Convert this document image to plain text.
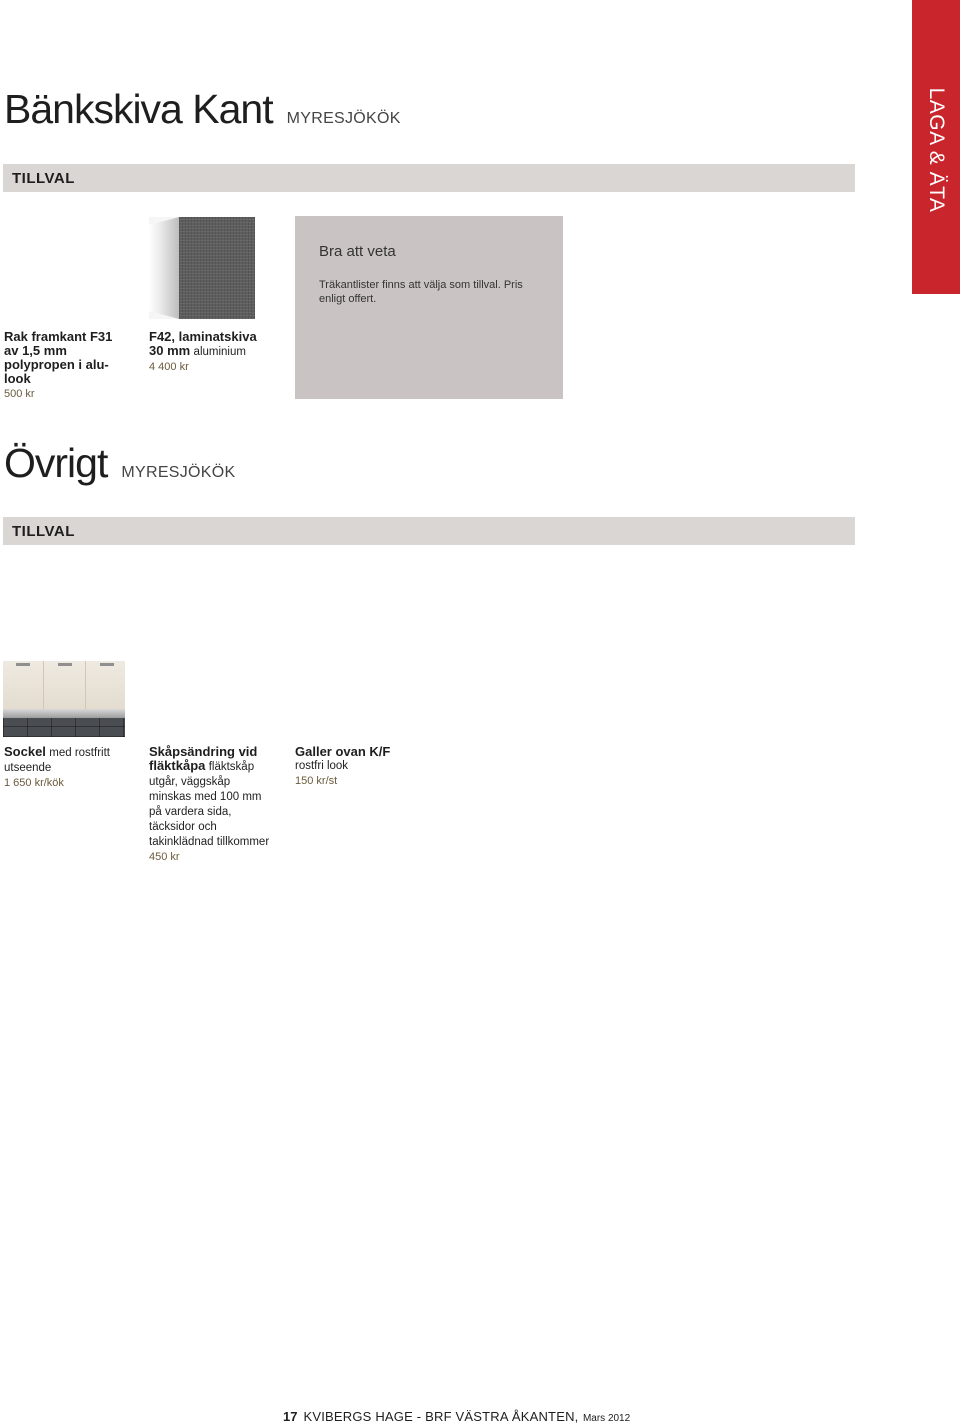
LAGA & ÄTA
Bänkskiva Kant MYRESJÖKÖK
TILLVAL
Bra att veta
Träkantlister finns att välja som tillval. Pris enligt offert.
Rak framkant F31 av 1,5 mm polypropen i alu-look
500 kr
F42, laminatskiva 30 mm aluminium
4 400 kr
Övrigt MYRESJÖKÖK
TILLVAL
Sockel med rostfritt utseende
1 650 kr/kök
Skåpsändring vid fläktkåpa fläktskåp utgår, väggskåp minskas med 100 mm på vardera sida, täcksidor och takinklädnad tillkommer
450 kr
Galler ovan K/F
rostfri look
150 kr/st
17 KVIBERGS HAGE - BRF VÄSTRA ÅKANTEN, Mars 2012
